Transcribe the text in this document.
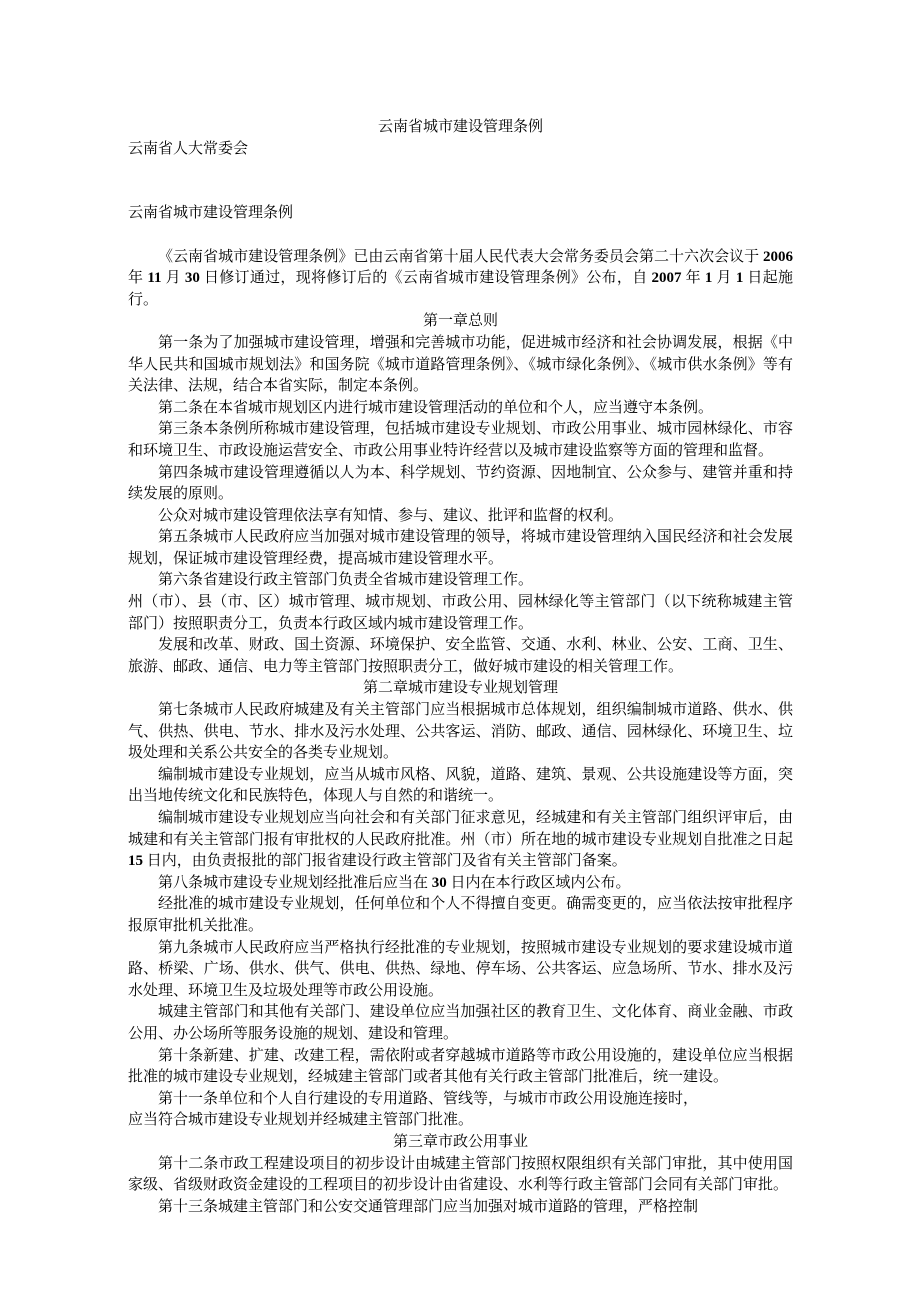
云南省城市建设管理条例

云南省人大常委会

云南省城市建设管理条例

《云南省城市建设管理条例》已由云南省第十届人民代表大会常务委员会第二十六次会议于 2006 年 11 月 30 日修订通过，现将修订后的《云南省城市建设管理条例》公布，自 2007 年 1 月 1 日起施行。

第一章总则

第一条为了加强城市建设管理，增强和完善城市功能，促进城市经济和社会协调发展，根据《中华人民共和国城市规划法》和国务院《城市道路管理条例》、《城市绿化条例》、《城市供水条例》等有关法律、法规，结合本省实际，制定本条例。

第二条在本省城市规划区内进行城市建设管理活动的单位和个人，应当遵守本条例。

第三条本条例所称城市建设管理，包括城市建设专业规划、市政公用事业、城市园林绿化、市容和环境卫生、市政设施运营安全、市政公用事业特许经营以及城市建设监察等方面的管理和监督。

第四条城市建设管理遵循以人为本、科学规划、节约资源、因地制宜、公众参与、建管并重和持续发展的原则。

公众对城市建设管理依法享有知情、参与、建议、批评和监督的权利。

第五条城市人民政府应当加强对城市建设管理的领导，将城市建设管理纳入国民经济和社会发展规划，保证城市建设管理经费，提高城市建设管理水平。

第六条省建设行政主管部门负责全省城市建设管理工作。

州（市）、县（市、区）城市管理、城市规划、市政公用、园林绿化等主管部门（以下统称城建主管部门）按照职责分工，负责本行政区域内城市建设管理工作。

发展和改革、财政、国土资源、环境保护、安全监管、交通、水利、林业、公安、工商、卫生、旅游、邮政、通信、电力等主管部门按照职责分工，做好城市建设的相关管理工作。

第二章城市建设专业规划管理

第七条城市人民政府城建及有关主管部门应当根据城市总体规划，组织编制城市道路、供水、供气、供热、供电、节水、排水及污水处理、公共客运、消防、邮政、通信、园林绿化、环境卫生、垃圾处理和关系公共安全的各类专业规划。

编制城市建设专业规划，应当从城市风格、风貌，道路、建筑、景观、公共设施建设等方面，突出当地传统文化和民族特色，体现人与自然的和谐统一。

编制城市建设专业规划应当向社会和有关部门征求意见，经城建和有关主管部门组织评审后，由城建和有关主管部门报有审批权的人民政府批准。州（市）所在地的城市建设专业规划自批准之日起 15 日内，由负责报批的部门报省建设行政主管部门及省有关主管部门备案。

第八条城市建设专业规划经批准后应当在 30 日内在本行政区域内公布。

经批准的城市建设专业规划，任何单位和个人不得擅自变更。确需变更的，应当依法按审批程序报原审批机关批准。

第九条城市人民政府应当严格执行经批准的专业规划，按照城市建设专业规划的要求建设城市道路、桥梁、广场、供水、供气、供电、供热、绿地、停车场、公共客运、应急场所、节水、排水及污水处理、环境卫生及垃圾处理等市政公用设施。

城建主管部门和其他有关部门、建设单位应当加强社区的教育卫生、文化体育、商业金融、市政公用、办公场所等服务设施的规划、建设和管理。

第十条新建、扩建、改建工程，需依附或者穿越城市道路等市政公用设施的，建设单位应当根据批准的城市建设专业规划，经城建主管部门或者其他有关行政主管部门批准后，统一建设。

第十一条单位和个人自行建设的专用道路、管线等，与城市市政公用设施连接时，

应当符合城市建设专业规划并经城建主管部门批准。

第三章市政公用事业

第十二条市政工程建设项目的初步设计由城建主管部门按照权限组织有关部门审批，其中使用国家级、省级财政资金建设的工程项目的初步设计由省建设、水利等行政主管部门会同有关部门审批。

第十三条城建主管部门和公安交通管理部门应当加强对城市道路的管理，严格控制
